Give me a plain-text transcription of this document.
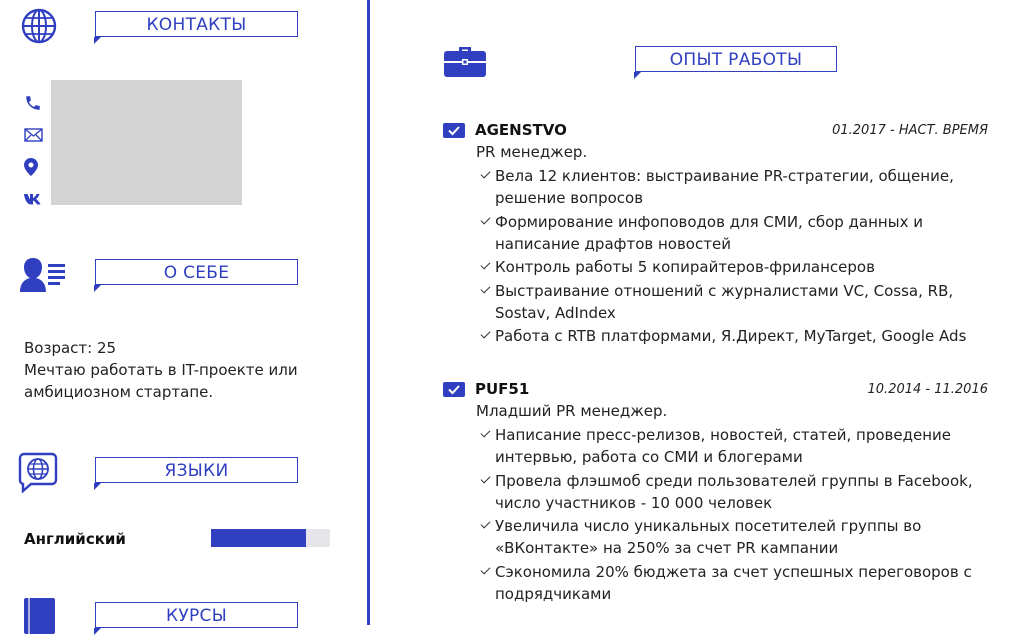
КОНТАКТЫ
О СЕБЕ
Возраст: 25
Мечтаю работать в IT-проекте или амбициозном стартапе.
ЯЗЫКИ
Английский
КУРСЫ
ОПЫТ РАБОТЫ
AGENSTVO	01.2017 - НАСТ. ВРЕМЯ
PR менеджер.
Вела 12 клиентов: выстраивание PR-стратегии, общение, решение вопросов
Формирование инфоповодов для СМИ, сбор данных и написание драфтов новостей
Контроль работы 5 копирайтеров-фрилансеров
Выстраивание отношений с журналистами VC, Cossa, RB, Sostav, AdIndex
Работа с RTB платформами, Я.Директ, MyTarget, Google Ads
PUF51	10.2014 - 11.2016
Младший PR менеджер.
Написание пресс-релизов, новостей, статей, проведение интервью, работа со СМИ и блогерами
Провела флэшмоб среди пользователей группы в Facebook, число участников - 10 000 человек
Увеличила число уникальных посетителей группы во «ВКонтакте» на 250% за счет PR кампании
Сэкономила 20% бюджета за счет успешных переговоров с подрядчиками
